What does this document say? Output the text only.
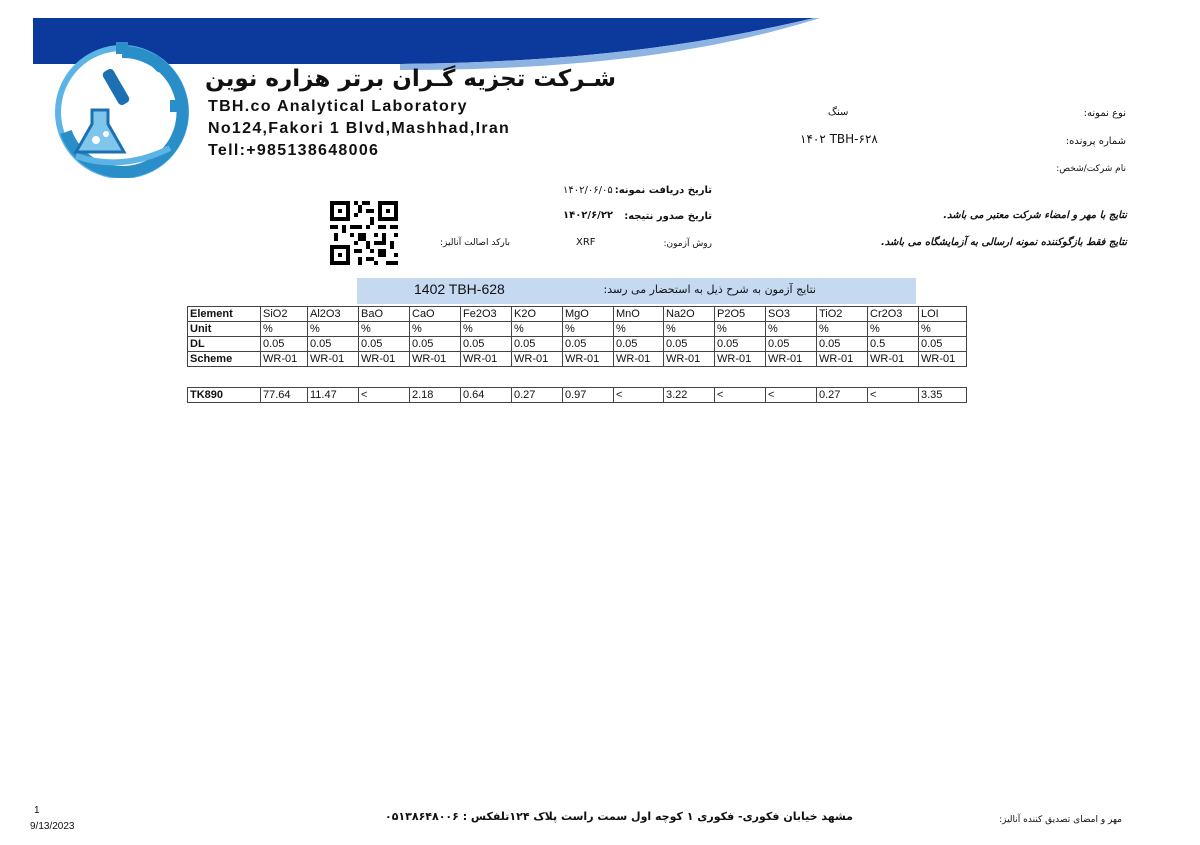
شـرکت تجزیه گـران برتر هزاره نوین
TBH.co Analytical Laboratory
No124,Fakori 1 Blvd,Mashhad,Iran
Tell:+985138648006
نوع نمونه:
سنگ
شماره پرونده:
۱۴۰۲ TBH-۶۲۸
نام شرکت/شخص:
تاریخ دریافت نمونه:
۱۴۰۲/۰۶/۰۵
تاریخ صدور نتیجه:
۱۴۰۲/۶/۲۲
روش آزمون:
XRF
بارکد اصالت آنالیز:
نتایج با مهر و امضاء شرکت معتبر می باشد.
نتایج فقط بازگوکننده نمونه ارسالی به آزمایشگاه می باشد.
1402 TBH-628	نتایج آزمون به شرح ذیل به استحضار می رسد:
Element	SiO2	Al2O3	BaO	CaO	Fe2O3	K2O	MgO	MnO	Na2O	P2O5	SO3	TiO2	Cr2O3	LOI
Unit	%	%	%	%	%	%	%	%	%	%	%	%	%	%
DL	0.05	0.05	0.05	0.05	0.05	0.05	0.05	0.05	0.05	0.05	0.05	0.05	0.5	0.05
Scheme	WR-01	WR-01	WR-01	WR-01	WR-01	WR-01	WR-01	WR-01	WR-01	WR-01	WR-01	WR-01	WR-01	WR-01
TK890	77.64	11.47	<	2.18	0.64	0.27	0.97	<	3.22	<	<	0.27	<	3.35
مشهد خیابان فکوری- فکوری ۱ کوچه اول سمت راست پلاک ۱۲۴تلفکس : ۰۵۱۳۸۶۴۸۰۰۶	مهر و امضای تصدیق کننده آنالیز:
1
9/13/2023
